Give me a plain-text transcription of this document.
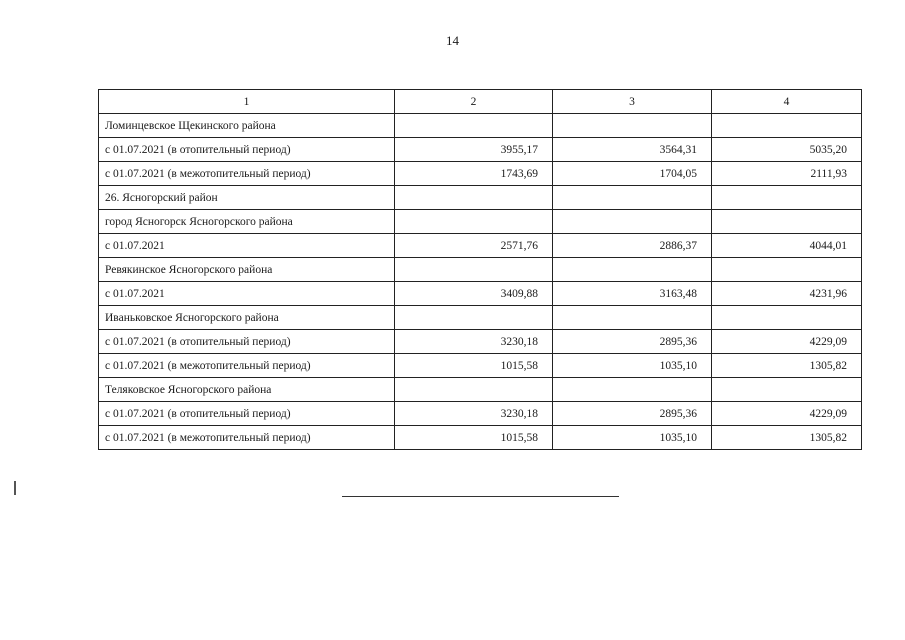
14
1	2	3	4
Ломинцевское Щекинского района			
с 01.07.2021 (в отопительный период)	3955,17	3564,31	5035,20
с 01.07.2021 (в межотопительный период)	1743,69	1704,05	2111,93
26. Ясногорский район			
город Ясногорск Ясногорского района			
с 01.07.2021	2571,76	2886,37	4044,01
Ревякинское Ясногорского района			
с 01.07.2021	3409,88	3163,48	4231,96
Иваньковское Ясногорского района			
с 01.07.2021 (в отопительный период)	3230,18	2895,36	4229,09
с 01.07.2021 (в межотопительный период)	1015,58	1035,10	1305,82
Теляковское Ясногорского района			
с 01.07.2021 (в отопительный период)	3230,18	2895,36	4229,09
с 01.07.2021 (в межотопительный период)	1015,58	1035,10	1305,82
